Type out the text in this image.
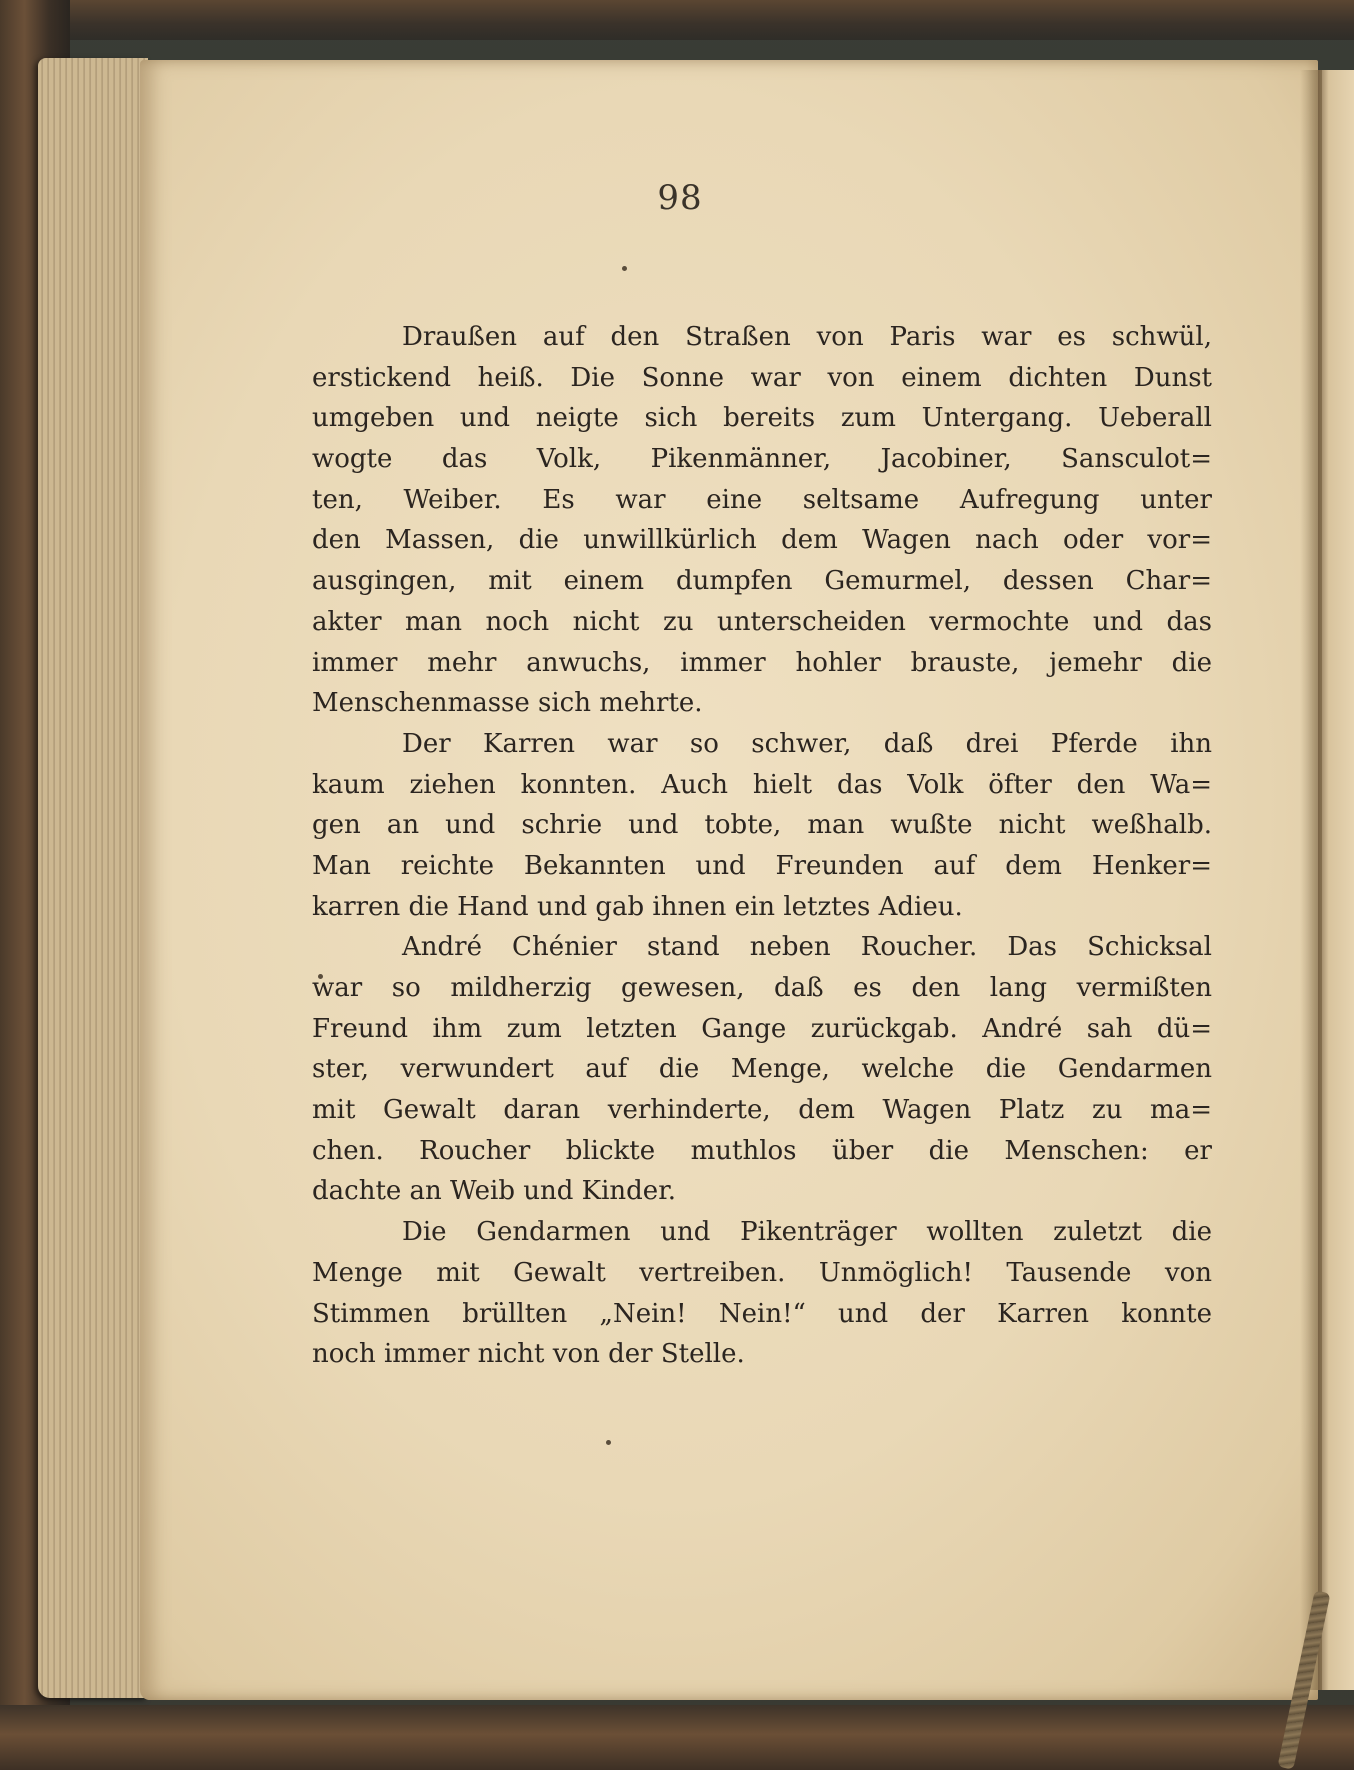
98
Draußen auf den Straßen von Paris war es schwül,
erstickend heiß. Die Sonne war von einem dichten Dunst
umgeben und neigte sich bereits zum Untergang. Ueberall
wogte das Volk, Pikenmänner, Jacobiner, Sansculot=
ten, Weiber. Es war eine seltsame Aufregung unter
den Massen, die unwillkürlich dem Wagen nach oder vor=
ausgingen, mit einem dumpfen Gemurmel, dessen Char=
akter man noch nicht zu unterscheiden vermochte und das
immer mehr anwuchs, immer hohler brauste, jemehr die
Menschenmasse sich mehrte.
Der Karren war so schwer, daß drei Pferde ihn
kaum ziehen konnten. Auch hielt das Volk öfter den Wa=
gen an und schrie und tobte, man wußte nicht weßhalb.
Man reichte Bekannten und Freunden auf dem Henker=
karren die Hand und gab ihnen ein letztes Adieu.
André Chénier stand neben Roucher. Das Schicksal
war so mildherzig gewesen, daß es den lang vermißten
Freund ihm zum letzten Gange zurückgab. André sah dü=
ster, verwundert auf die Menge, welche die Gendarmen
mit Gewalt daran verhinderte, dem Wagen Platz zu ma=
chen. Roucher blickte muthlos über die Menschen: er
dachte an Weib und Kinder.
Die Gendarmen und Pikenträger wollten zuletzt die
Menge mit Gewalt vertreiben. Unmöglich! Tausende von
Stimmen brüllten „Nein! Nein!“ und der Karren konnte
noch immer nicht von der Stelle.
